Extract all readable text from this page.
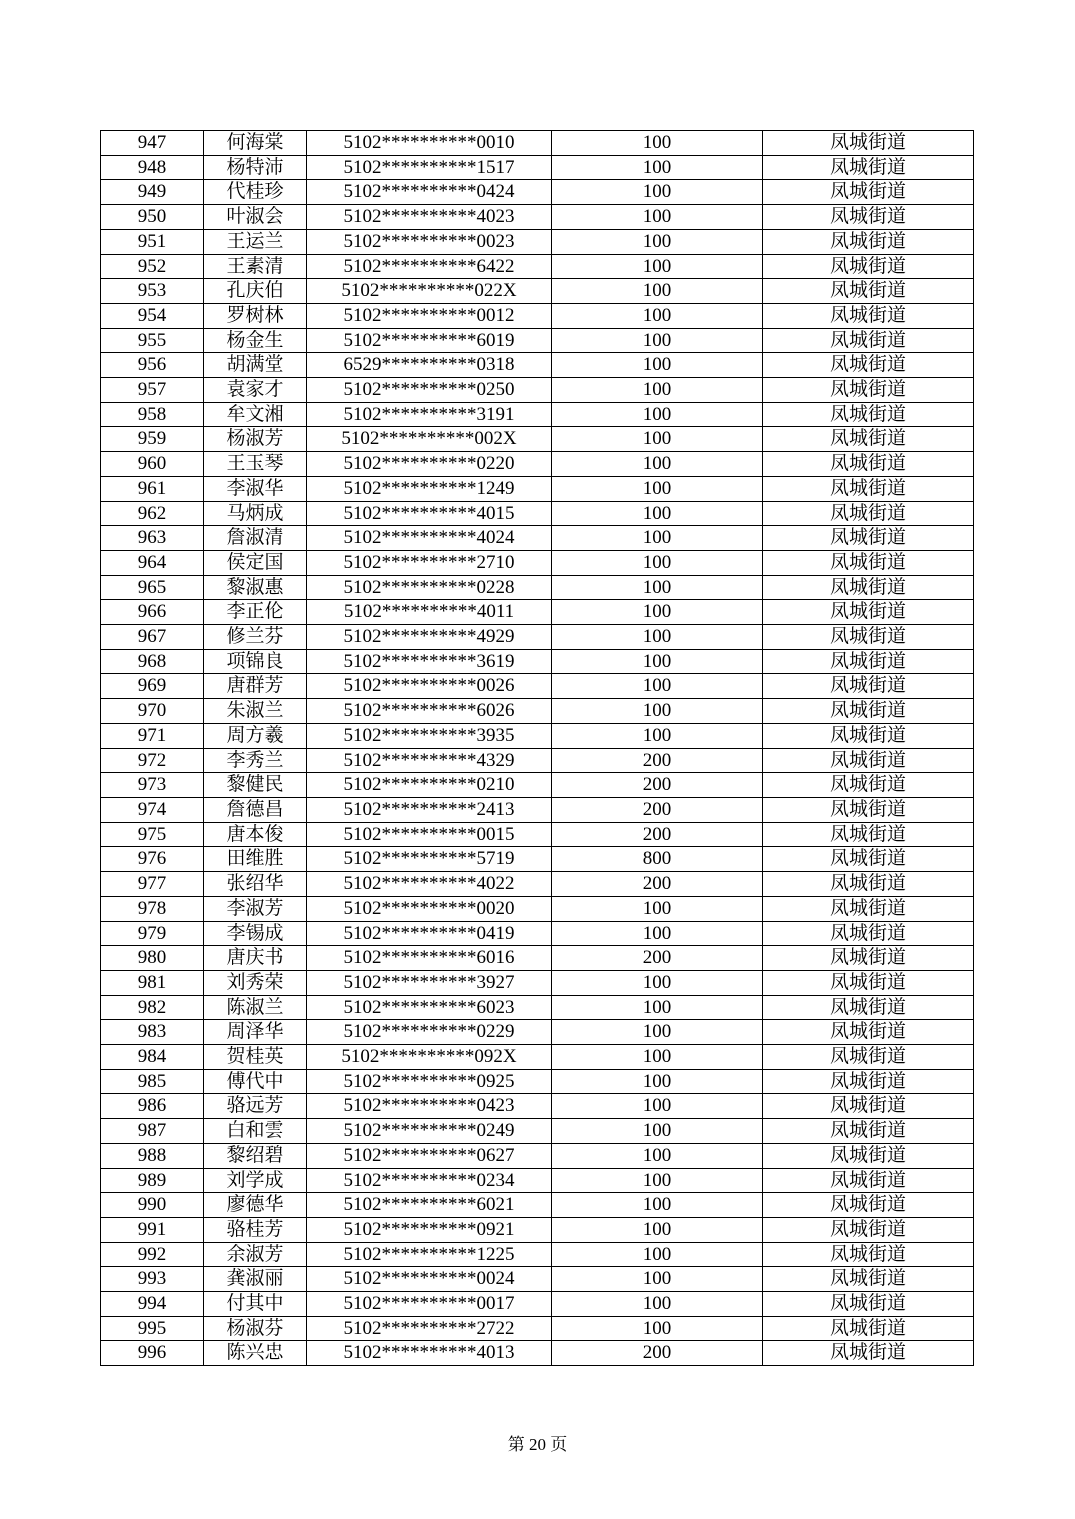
947	何海棠	5102**********0010	100	凤城街道
948	杨特沛	5102**********1517	100	凤城街道
949	代桂珍	5102**********0424	100	凤城街道
950	叶淑会	5102**********4023	100	凤城街道
951	王运兰	5102**********0023	100	凤城街道
952	王素清	5102**********6422	100	凤城街道
953	孔庆伯	5102**********022X	100	凤城街道
954	罗树林	5102**********0012	100	凤城街道
955	杨金生	5102**********6019	100	凤城街道
956	胡满堂	6529**********0318	100	凤城街道
957	袁家才	5102**********0250	100	凤城街道
958	牟文湘	5102**********3191	100	凤城街道
959	杨淑芳	5102**********002X	100	凤城街道
960	王玉琴	5102**********0220	100	凤城街道
961	李淑华	5102**********1249	100	凤城街道
962	马炳成	5102**********4015	100	凤城街道
963	詹淑清	5102**********4024	100	凤城街道
964	侯定国	5102**********2710	100	凤城街道
965	黎淑惠	5102**********0228	100	凤城街道
966	李正伦	5102**********4011	100	凤城街道
967	修兰芬	5102**********4929	100	凤城街道
968	项锦良	5102**********3619	100	凤城街道
969	唐群芳	5102**********0026	100	凤城街道
970	朱淑兰	5102**********6026	100	凤城街道
971	周方羲	5102**********3935	100	凤城街道
972	李秀兰	5102**********4329	200	凤城街道
973	黎健民	5102**********0210	200	凤城街道
974	詹德昌	5102**********2413	200	凤城街道
975	唐本俊	5102**********0015	200	凤城街道
976	田维胜	5102**********5719	800	凤城街道
977	张绍华	5102**********4022	200	凤城街道
978	李淑芳	5102**********0020	100	凤城街道
979	李锡成	5102**********0419	100	凤城街道
980	唐庆书	5102**********6016	200	凤城街道
981	刘秀荣	5102**********3927	100	凤城街道
982	陈淑兰	5102**********6023	100	凤城街道
983	周泽华	5102**********0229	100	凤城街道
984	贺桂英	5102**********092X	100	凤城街道
985	傅代中	5102**********0925	100	凤城街道
986	骆远芳	5102**********0423	100	凤城街道
987	白和雲	5102**********0249	100	凤城街道
988	黎绍碧	5102**********0627	100	凤城街道
989	刘学成	5102**********0234	100	凤城街道
990	廖德华	5102**********6021	100	凤城街道
991	骆桂芳	5102**********0921	100	凤城街道
992	余淑芳	5102**********1225	100	凤城街道
993	龚淑丽	5102**********0024	100	凤城街道
994	付其中	5102**********0017	100	凤城街道
995	杨淑芬	5102**********2722	100	凤城街道
996	陈兴忠	5102**********4013	200	凤城街道
第 20 页
